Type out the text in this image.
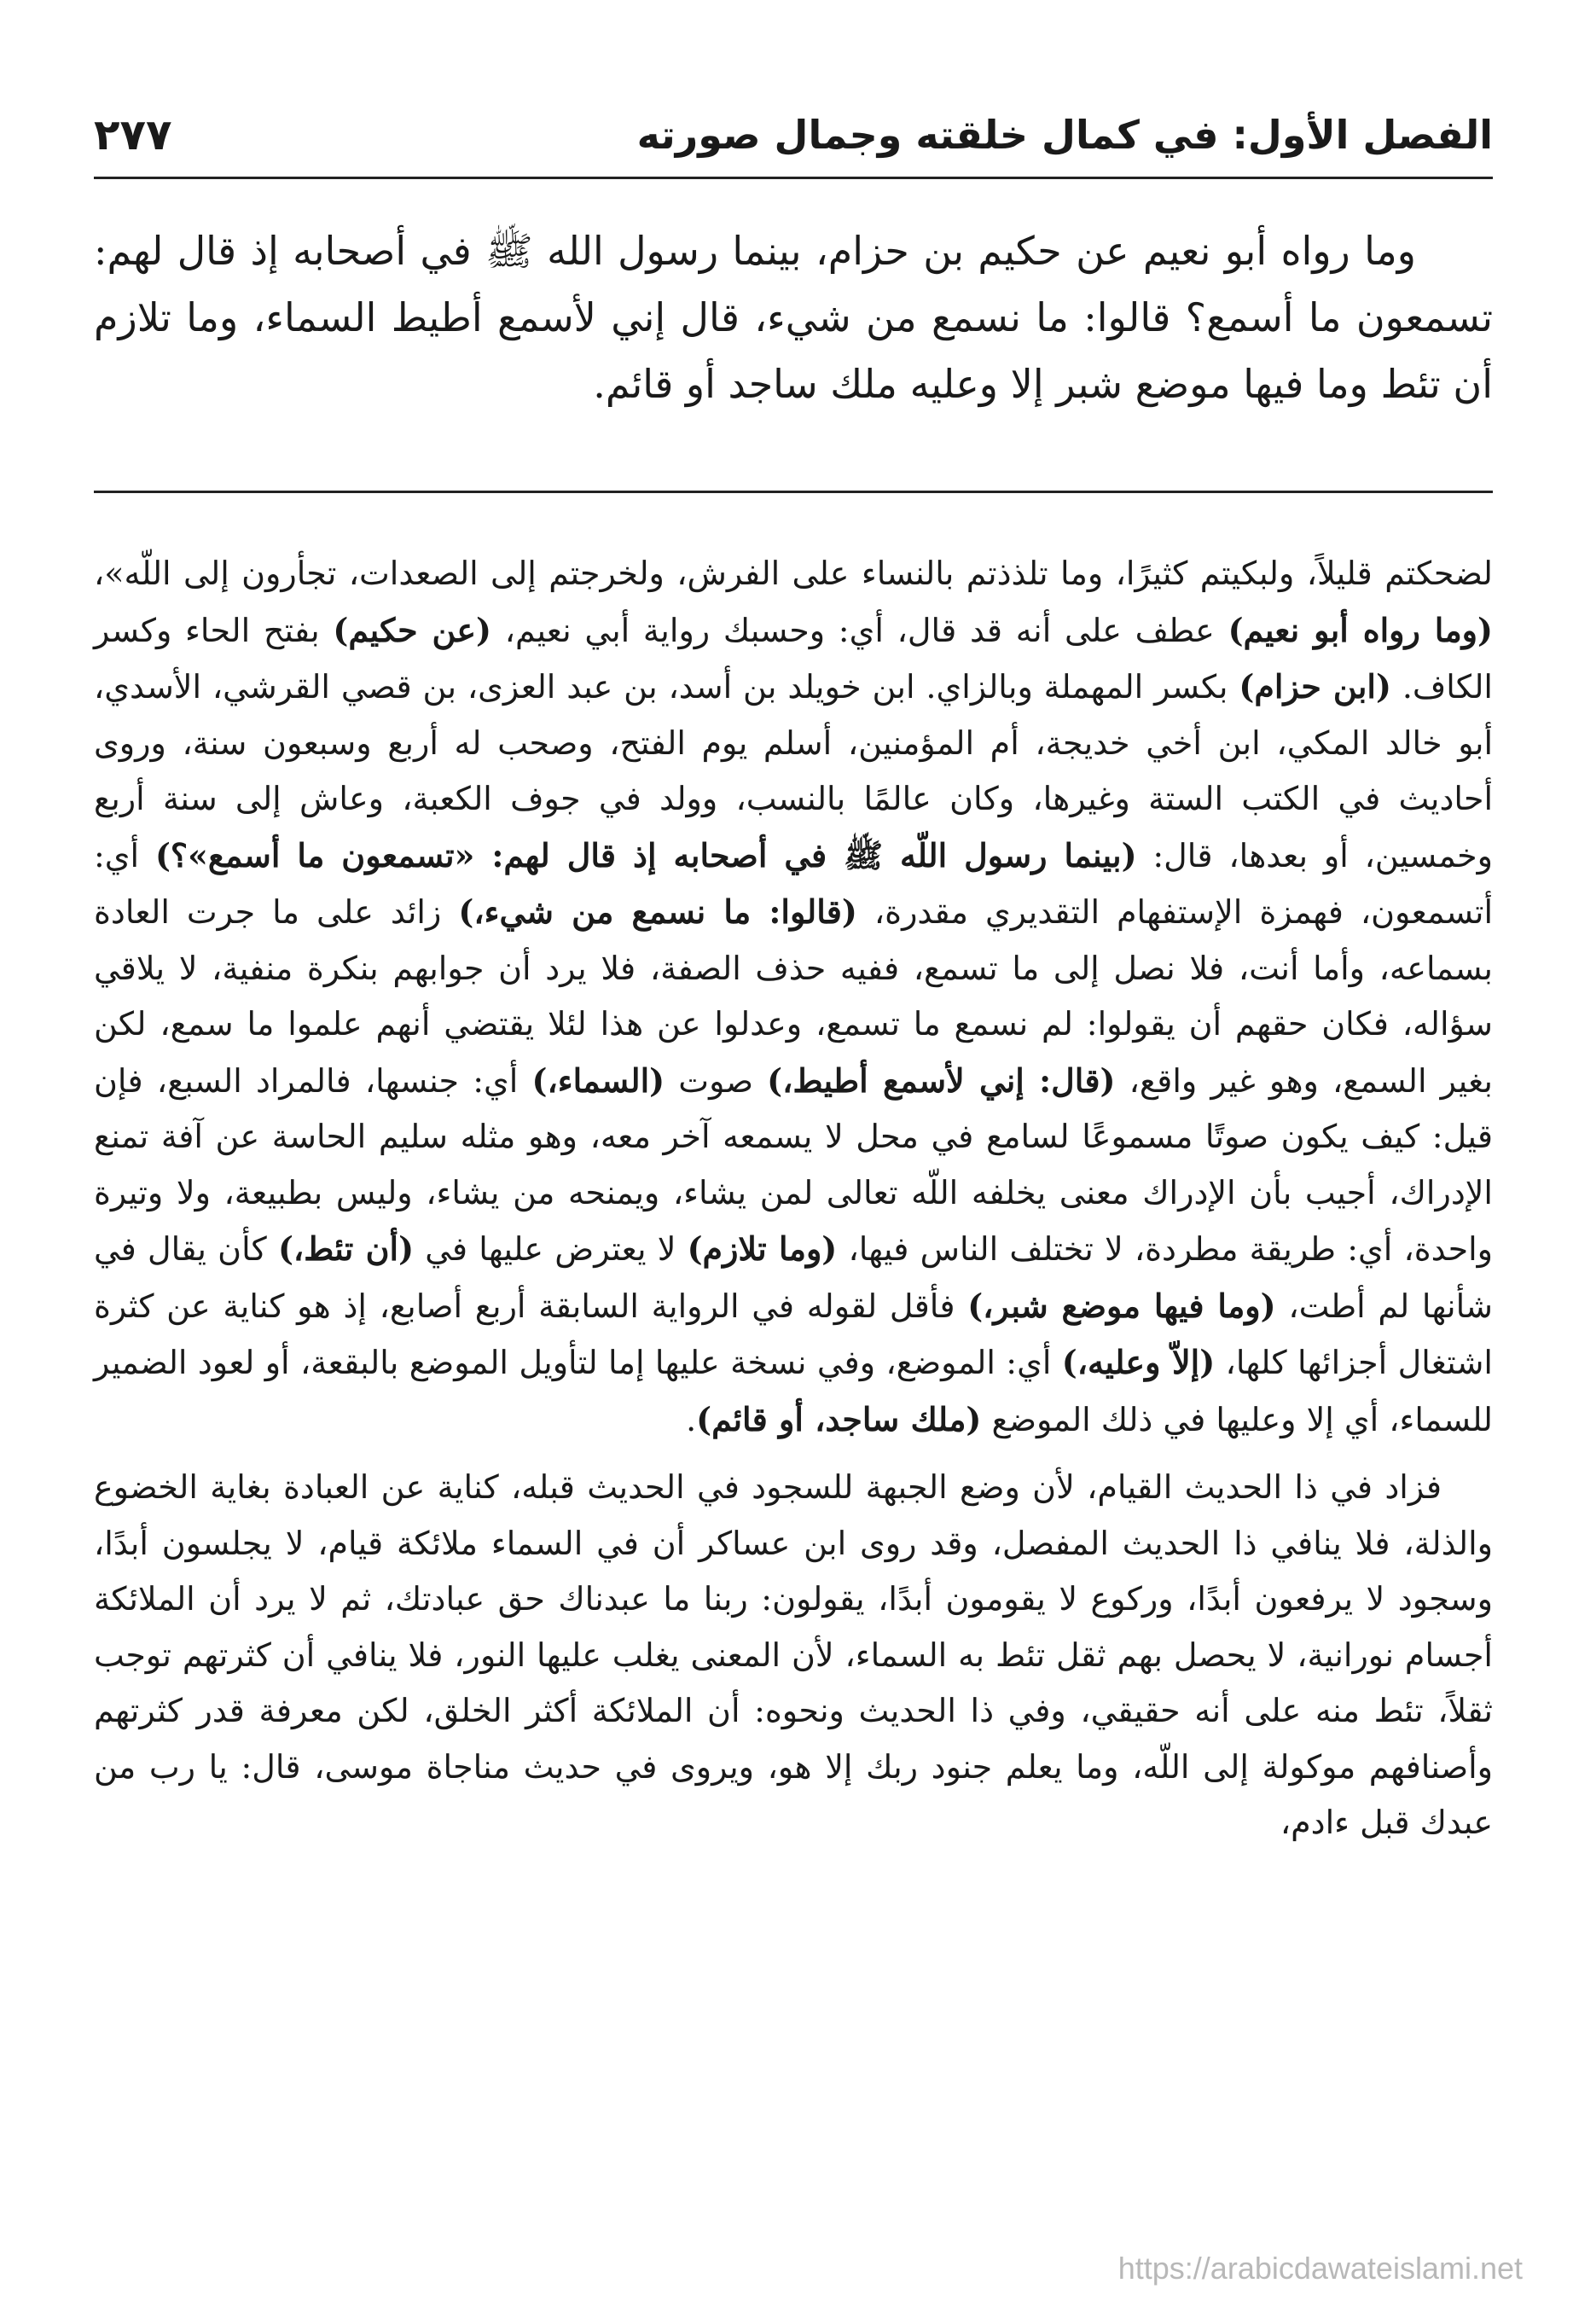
الفصل الأول: في كمال خلقته وجمال صورته
٢٧٧
وما رواه أبو نعيم عن حكيم بن حزام، بينما رسول الله ﷺ في أصحابه إذ قال لهم: تسمعون ما أسمع؟ قالوا: ما نسمع من شيء، قال إني لأسمع أطيط السماء، وما تلازم أن تئط وما فيها موضع شبر إلا وعليه ملك ساجد أو قائم.

لضحكتم قليلاً، ولبكيتم كثيرًا، وما تلذذتم بالنساء على الفرش، ولخرجتم إلى الصعدات، تجأرون إلى اللّه»، (وما رواه أبو نعيم) عطف على أنه قد قال، أي: وحسبك رواية أبي نعيم، (عن حكيم) بفتح الحاء وكسر الكاف. (ابن حزام) بكسر المهملة وبالزاي. ابن خويلد بن أسد، بن عبد العزى، بن قصي القرشي، الأسدي، أبو خالد المكي، ابن أخي خديجة، أم المؤمنين، أسلم يوم الفتح، وصحب له أربع وسبعون سنة، وروى أحاديث في الكتب الستة وغيرها، وكان عالمًا بالنسب، وولد في جوف الكعبة، وعاش إلى سنة أربع وخمسين، أو بعدها، قال: (بينما رسول اللّه ﷺ في أصحابه إذ قال لهم: «تسمعون ما أسمع»؟) أي: أتسمعون، فهمزة الإستفهام التقديري مقدرة، (قالوا: ما نسمع من شيء،) زائد على ما جرت العادة بسماعه، وأما أنت، فلا نصل إلى ما تسمع، ففيه حذف الصفة، فلا يرد أن جوابهم بنكرة منفية، لا يلاقي سؤاله، فكان حقهم أن يقولوا: لم نسمع ما تسمع، وعدلوا عن هذا لئلا يقتضي أنهم علموا ما سمع، لكن بغير السمع، وهو غير واقع، (قال: إني لأسمع أطيط،) صوت (السماء،) أي: جنسها، فالمراد السبع، فإن قيل: كيف يكون صوتًا مسموعًا لسامع في محل لا يسمعه آخر معه، وهو مثله سليم الحاسة عن آفة تمنع الإدراك، أجيب بأن الإدراك معنى يخلفه اللّه تعالى لمن يشاء، ويمنحه من يشاء، وليس بطبيعة، ولا وتيرة واحدة، أي: طريقة مطردة، لا تختلف الناس فيها، (وما تلازم) لا يعترض عليها في (أن تئط،) كأن يقال في شأنها لم أطت، (وما فيها موضع شبر،) فأقل لقوله في الرواية السابقة أربع أصابع، إذ هو كناية عن كثرة اشتغال أجزائها كلها، (إلاّ وعليه،) أي: الموضع، وفي نسخة عليها إما لتأويل الموضع بالبقعة، أو لعود الضمير للسماء، أي إلا وعليها في ذلك الموضع (ملك ساجد، أو قائم).

فزاد في ذا الحديث القيام، لأن وضع الجبهة للسجود في الحديث قبله، كناية عن العبادة بغاية الخضوع والذلة، فلا ينافي ذا الحديث المفصل، وقد روى ابن عساكر أن في السماء ملائكة قيام، لا يجلسون أبدًا، وسجود لا يرفعون أبدًا، وركوع لا يقومون أبدًا، يقولون: ربنا ما عبدناك حق عبادتك، ثم لا يرد أن الملائكة أجسام نورانية، لا يحصل بهم ثقل تئط به السماء، لأن المعنى يغلب عليها النور، فلا ينافي أن كثرتهم توجب ثقلاً، تئط منه على أنه حقيقي، وفي ذا الحديث ونحوه: أن الملائكة أكثر الخلق، لكن معرفة قدر كثرتهم وأصنافهم موكولة إلى اللّه، وما يعلم جنود ربك إلا هو، ويروى في حديث مناجاة موسى، قال: يا رب من عبدك قبل ءادم،

https://arabicdawateislami.net
